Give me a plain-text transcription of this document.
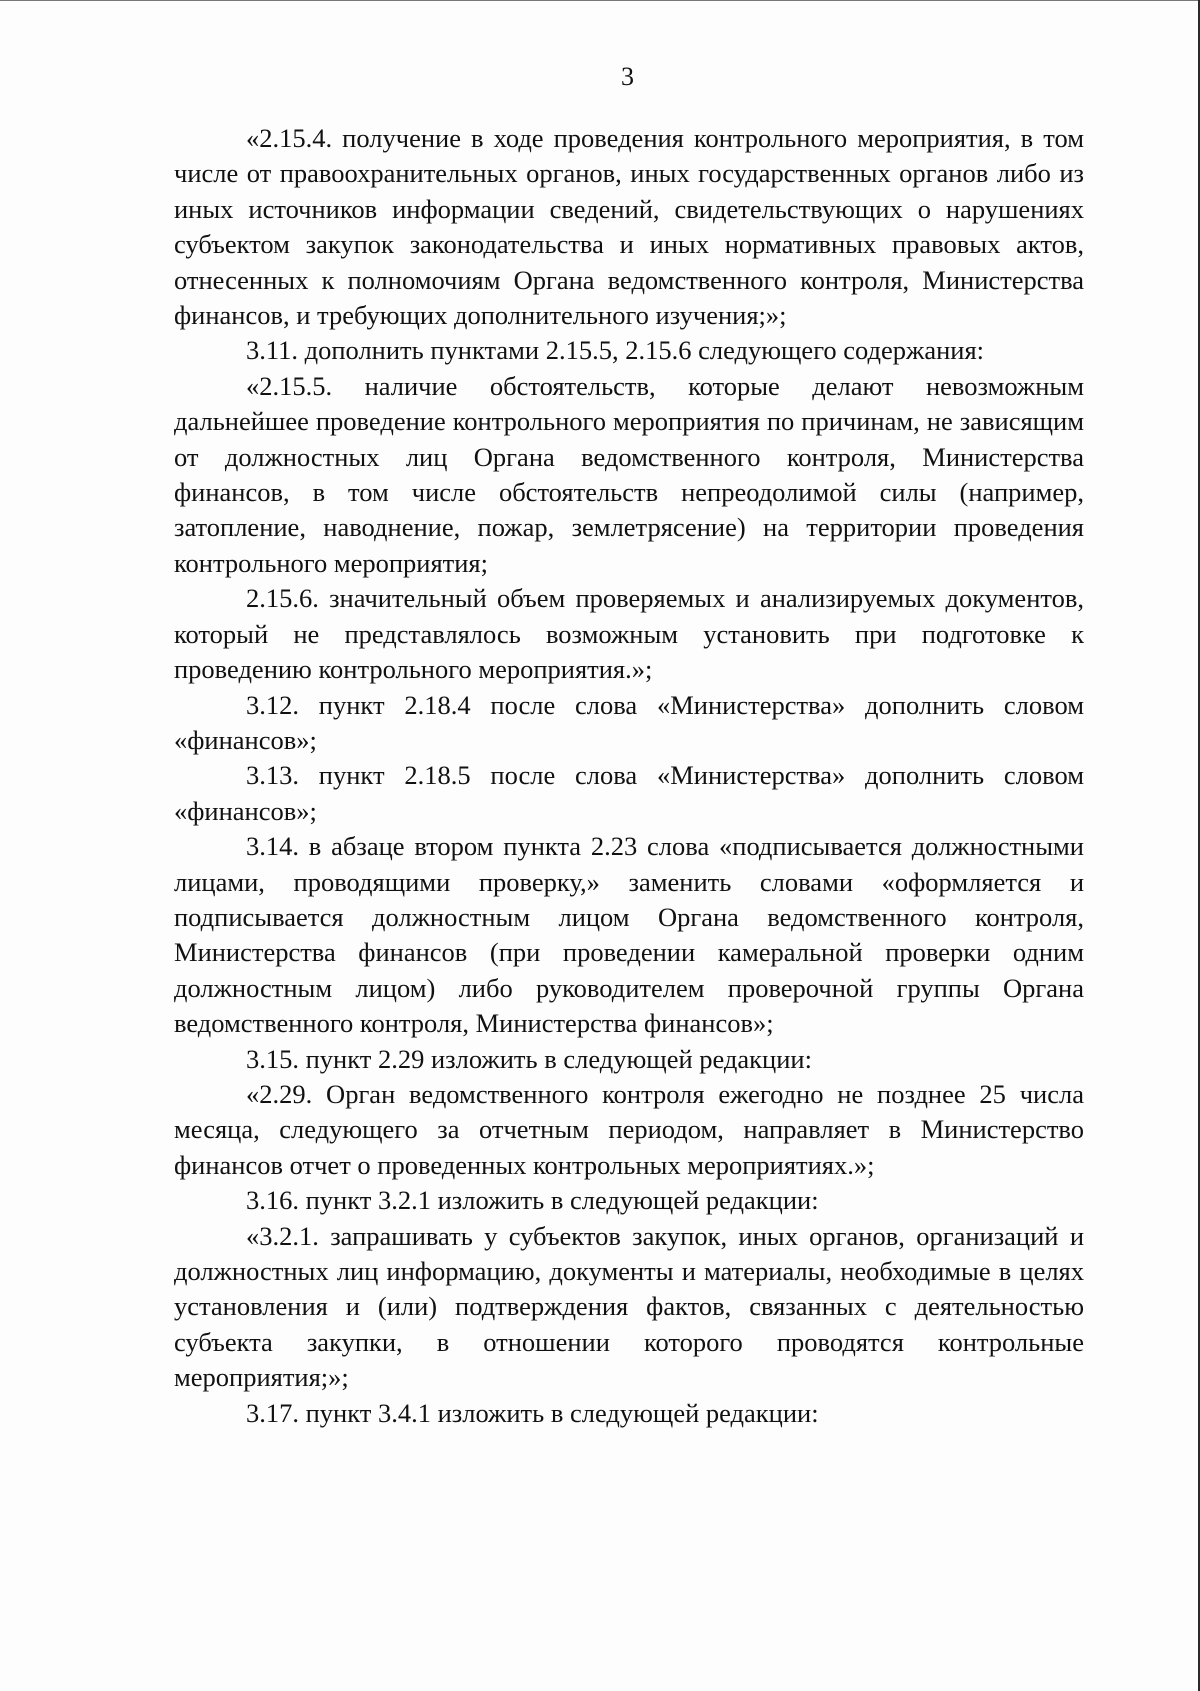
3

«2.15.4. получение в ходе проведения контрольного мероприятия, в том числе от правоохранительных органов, иных государственных органов либо из иных источников информации сведений, свидетельствующих о нарушениях субъектом закупок законодательства и иных нормативных правовых актов, отнесенных к полномочиям Органа ведомственного контроля, Министерства финансов, и требующих дополнительного изучения;»;

3.11. дополнить пунктами 2.15.5, 2.15.6 следующего содержания:

«2.15.5. наличие обстоятельств, которые делают невозможным дальнейшее проведение контрольного мероприятия по причинам, не зависящим от должностных лиц Органа ведомственного контроля, Министерства финансов, в том числе обстоятельств непреодолимой силы (например, затопление, наводнение, пожар, землетрясение) на территории проведения контрольного мероприятия;

2.15.6. значительный объем проверяемых и анализируемых документов, который не представлялось возможным установить при подготовке к проведению контрольного мероприятия.»;

3.12. пункт 2.18.4 после слова «Министерства» дополнить словом «финансов»;

3.13. пункт 2.18.5 после слова «Министерства» дополнить словом «финансов»;

3.14. в абзаце втором пункта 2.23 слова «подписывается должностными лицами, проводящими проверку,» заменить словами «оформляется и подписывается должностным лицом Органа ведомственного контроля, Министерства финансов (при проведении камеральной проверки одним должностным лицом) либо руководителем проверочной группы Органа ведомственного контроля, Министерства финансов»;

3.15. пункт 2.29 изложить в следующей редакции:

«2.29. Орган ведомственного контроля ежегодно не позднее 25 числа месяца, следующего за отчетным периодом, направляет в Министерство финансов отчет о проведенных контрольных мероприятиях.»;

3.16. пункт 3.2.1 изложить в следующей редакции:

«3.2.1. запрашивать у субъектов закупок, иных органов, организаций и должностных лиц информацию, документы и материалы, необходимые в целях установления и (или) подтверждения фактов, связанных с деятельностью субъекта закупки, в отношении которого проводятся контрольные мероприятия;»;

3.17. пункт 3.4.1 изложить в следующей редакции:
